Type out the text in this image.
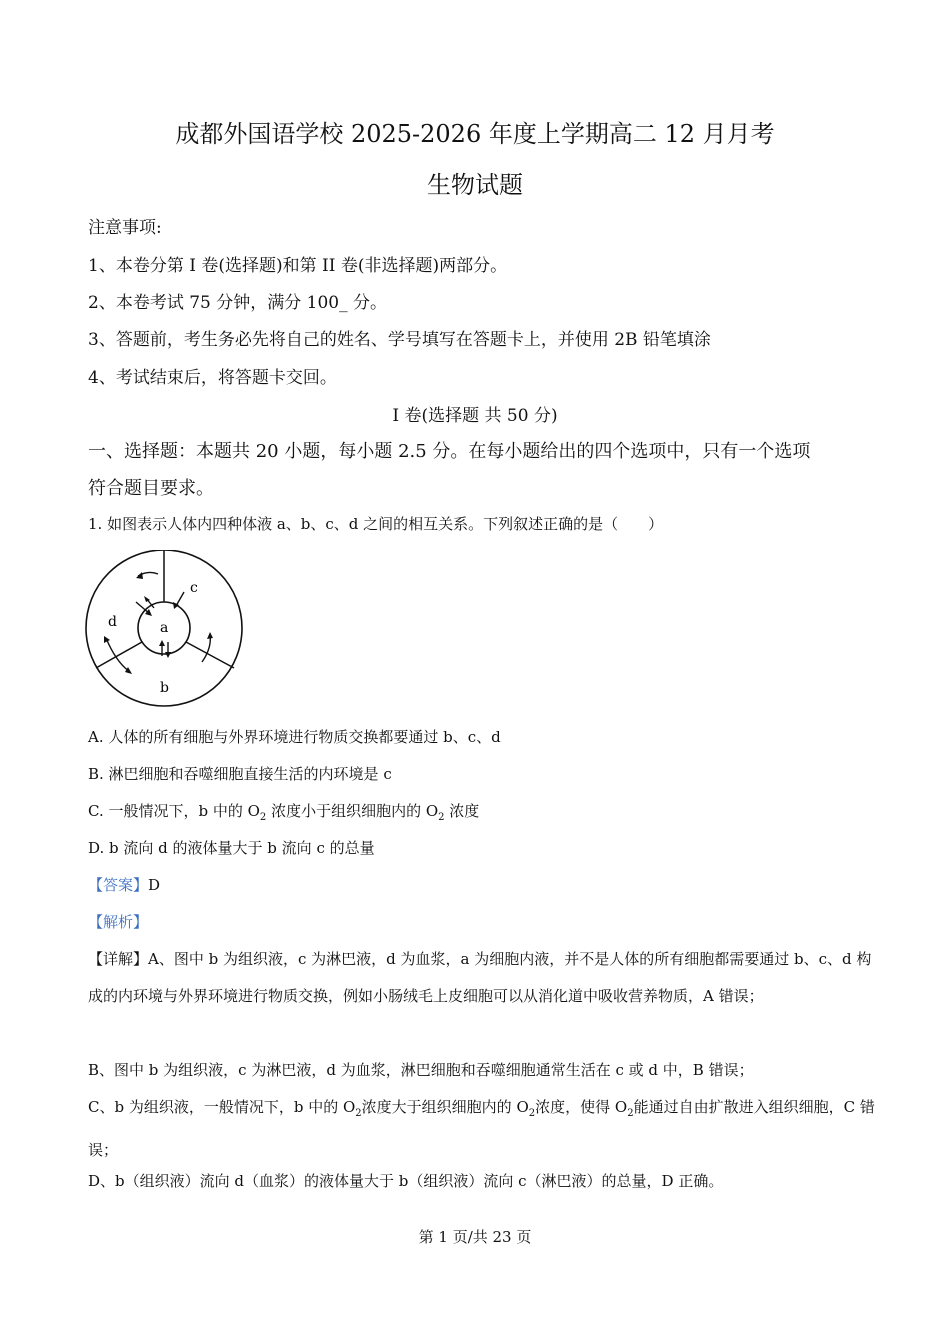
成都外国语学校 2025-2026 年度上学期高二 12 月月考
生物试题
注意事项:
1、本卷分第 I 卷(选择题)和第 II 卷(非选择题)两部分。
2、本卷考试 75 分钟，满分 100_ 分。
3、答题前，考生务必先将自己的姓名、学号填写在答题卡上，并使用 2B 铅笔填涂
4、考试结束后，将答题卡交回。
I 卷(选择题 共 50 分)
一、选择题：本题共 20 小题，每小题 2.5 分。在每小题给出的四个选项中，只有一个选项
符合题目要求。
1. 如图表示人体内四种体液 a、b、c、d 之间的相互关系。下列叙述正确的是（　　）
a
b
c
d
A. 人体的所有细胞与外界环境进行物质交换都要通过 b、c、d
B. 淋巴细胞和吞噬细胞直接生活的内环境是 c
C. 一般情况下，b 中的 $O_2$ 浓度小于组织细胞内的 $O_2$ 浓度
D. b 流向 d 的液体量大于 b 流向 c 的总量
【答案】D
【解析】
【详解】A、图中 b 为组织液，c 为淋巴液，d 为血浆，a 为细胞内液，并不是人体的所有细胞都需要通过 b、c、d 构成的内环境与外界环境进行物质交换，例如小肠绒毛上皮细胞可以从消化道中吸收营养物质，A 错误；
B、图中 b 为组织液，c 为淋巴液，d 为血浆，淋巴细胞和吞噬细胞通常生活在 c 或 d 中，B 错误；
C、b 为组织液，一般情况下，b 中的 $O_2$浓度大于组织细胞内的 $O_2$浓度，使得 $O_2$能通过自由扩散进入组织细胞，C 错误；
D、b（组织液）流向 d（血浆）的液体量大于 b（组织液）流向 c（淋巴液）的总量，D 正确。
第 1 页/共 23 页
